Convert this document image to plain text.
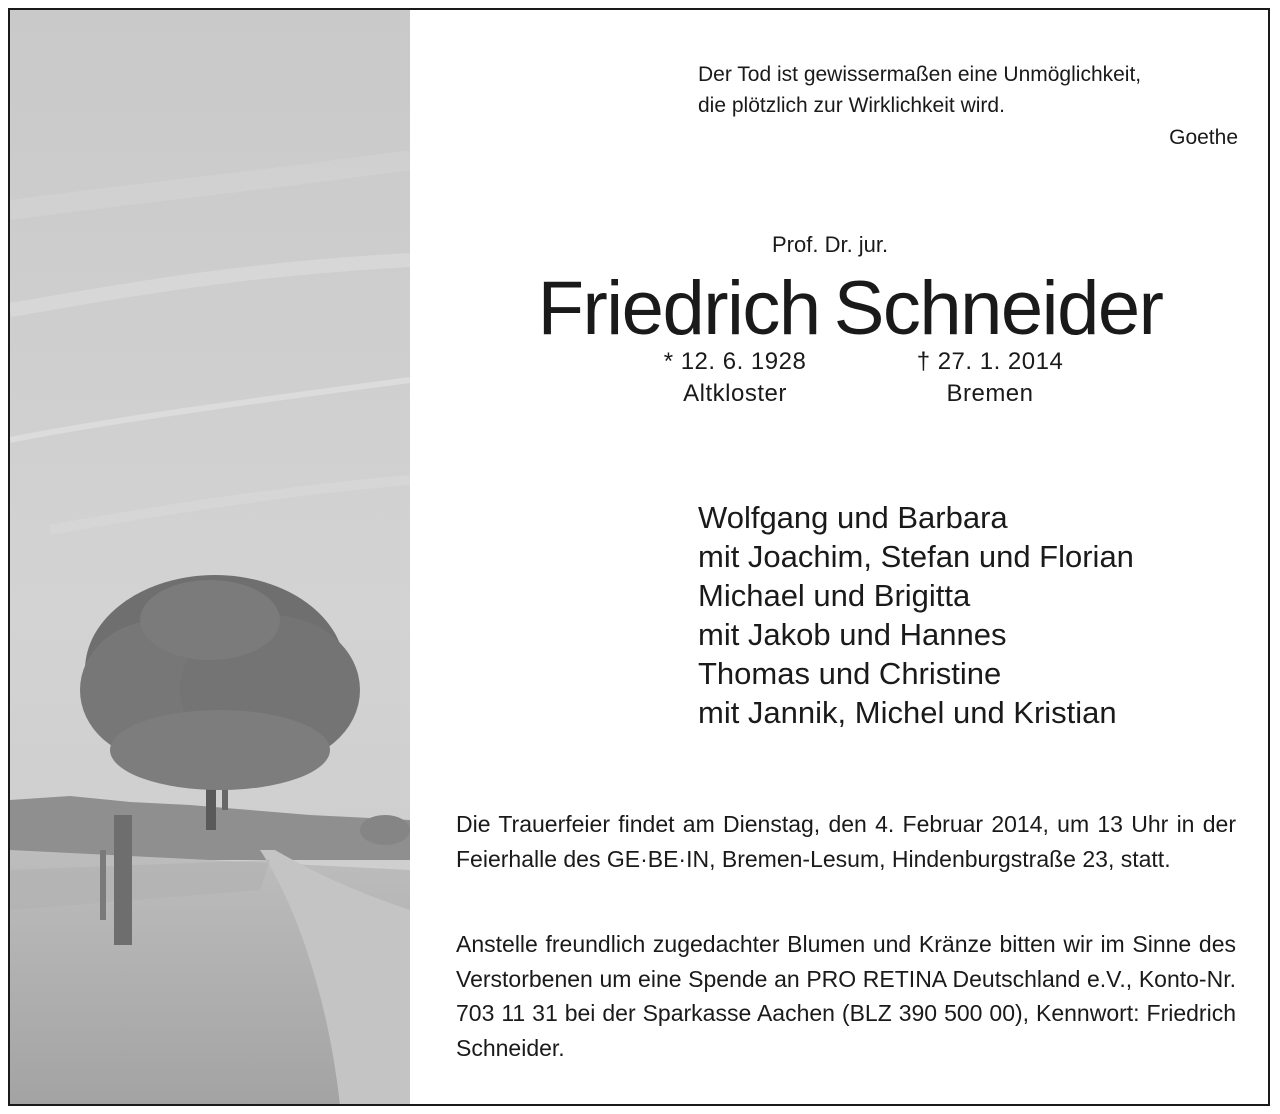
Der Tod ist gewissermaßen eine Unmöglichkeit,
die plötzlich zur Wirklichkeit wird.
Goethe
Prof. Dr. jur.
Friedrich Schneider
* 12. 6. 1928
Altkloster
† 27. 1. 2014
Bremen
Wolfgang und Barbara
mit Joachim, Stefan und Florian
Michael und Brigitta
mit Jakob und Hannes
Thomas und Christine
mit Jannik, Michel und Kristian
Die Trauerfeier findet am Dienstag, den 4. Februar 2014, um 13 Uhr in der Feierhalle des GE·BE·IN, Bremen-Lesum, Hindenburgstraße 23, statt.
Anstelle freundlich zugedachter Blumen und Kränze bitten wir im Sinne des Verstorbenen um eine Spende an PRO RETINA Deutschland e.V., Konto-Nr. 703 11 31 bei der Sparkasse Aachen (BLZ 390 500 00), Kennwort: Friedrich Schneider.
